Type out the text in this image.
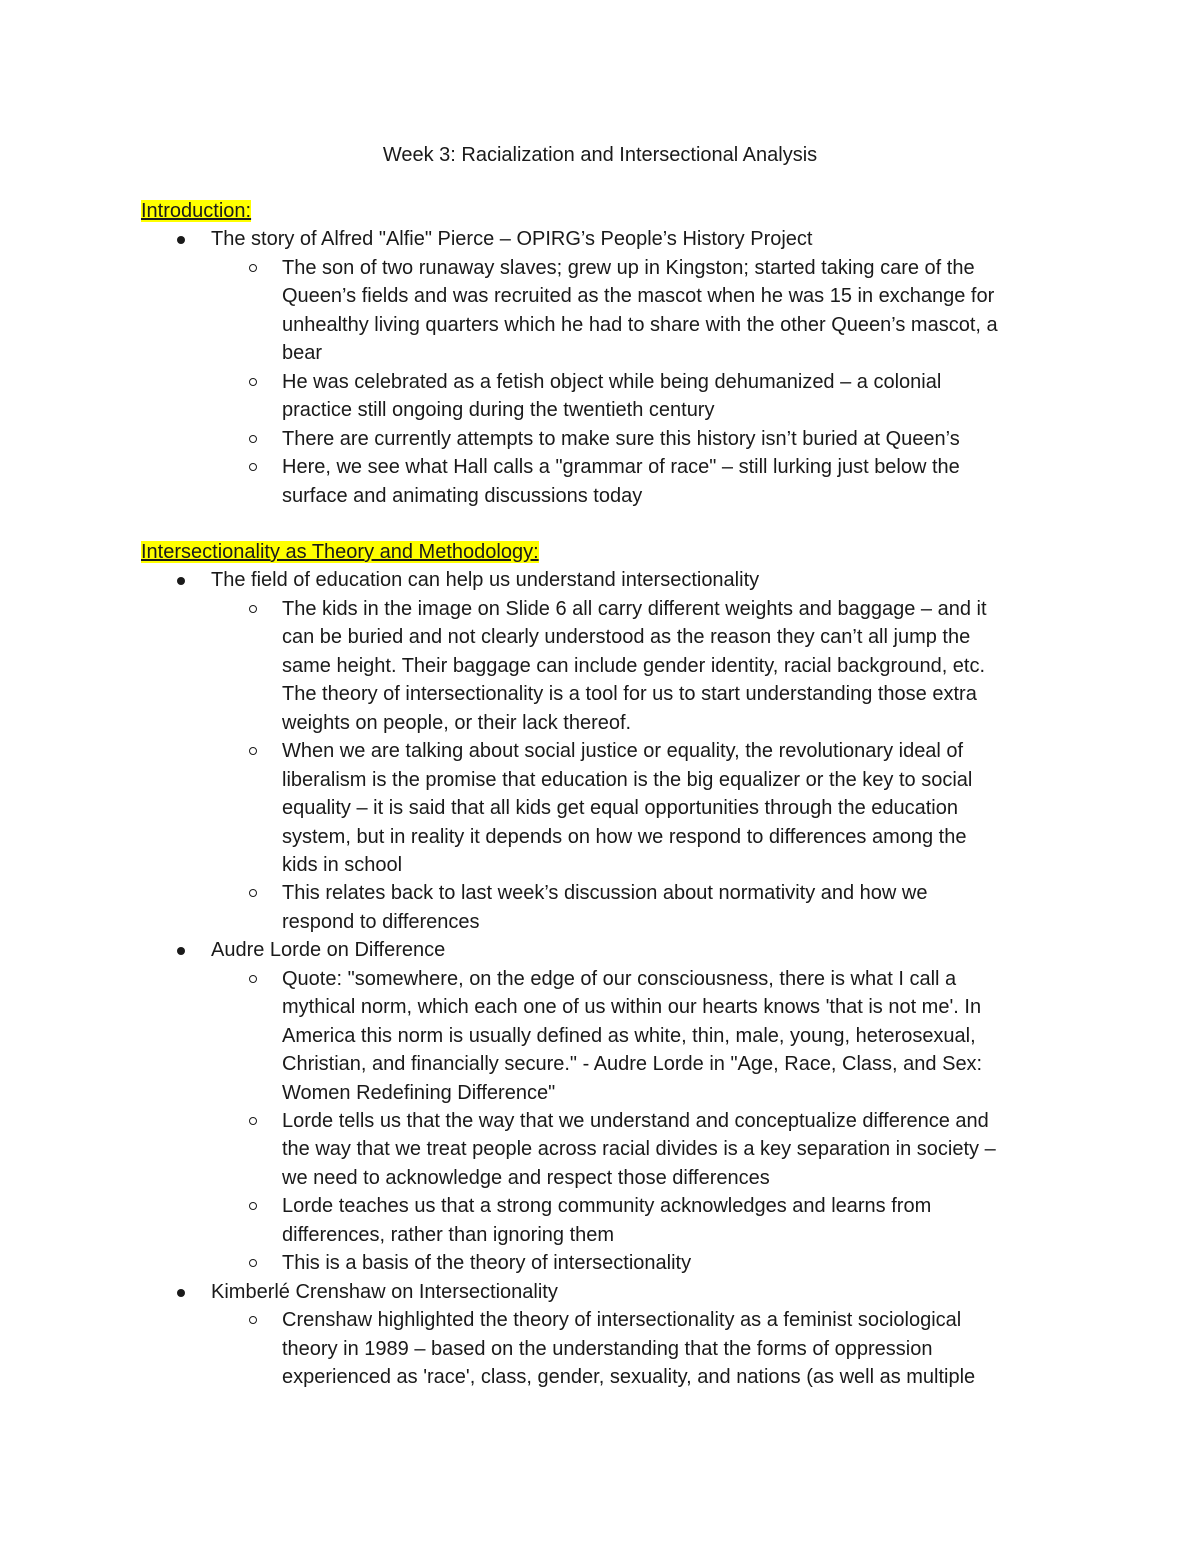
Week 3: Racialization and Intersectional Analysis
Introduction:
The story of Alfred "Alfie" Pierce – OPIRG’s People’s History Project
The son of two runaway slaves; grew up in Kingston; started taking care of the
Queen’s fields and was recruited as the mascot when he was 15 in exchange for
unhealthy living quarters which he had to share with the other Queen’s mascot, a
bear
He was celebrated as a fetish object while being dehumanized – a colonial
practice still ongoing during the twentieth century
There are currently attempts to make sure this history isn’t buried at Queen’s
Here, we see what Hall calls a "grammar of race" – still lurking just below the
surface and animating discussions today
Intersectionality as Theory and Methodology:
The field of education can help us understand intersectionality
The kids in the image on Slide 6 all carry different weights and baggage – and it
can be buried and not clearly understood as the reason they can’t all jump the
same height. Their baggage can include gender identity, racial background, etc.
The theory of intersectionality is a tool for us to start understanding those extra
weights on people, or their lack thereof.
When we are talking about social justice or equality, the revolutionary ideal of
liberalism is the promise that education is the big equalizer or the key to social
equality – it is said that all kids get equal opportunities through the education
system, but in reality it depends on how we respond to differences among the
kids in school
This relates back to last week’s discussion about normativity and how we
respond to differences
Audre Lorde on Difference
Quote: "somewhere, on the edge of our consciousness, there is what I call a
mythical norm, which each one of us within our hearts knows 'that is not me'. In
America this norm is usually defined as white, thin, male, young, heterosexual,
Christian, and financially secure." - Audre Lorde in "Age, Race, Class, and Sex:
Women Redefining Difference"
Lorde tells us that the way that we understand and conceptualize difference and
the way that we treat people across racial divides is a key separation in society –
we need to acknowledge and respect those differences
Lorde teaches us that a strong community acknowledges and learns from
differences, rather than ignoring them
This is a basis of the theory of intersectionality
Kimberlé Crenshaw on Intersectionality
Crenshaw highlighted the theory of intersectionality as a feminist sociological
theory in 1989 – based on the understanding that the forms of oppression
experienced as 'race', class, gender, sexuality, and nations (as well as multiple
